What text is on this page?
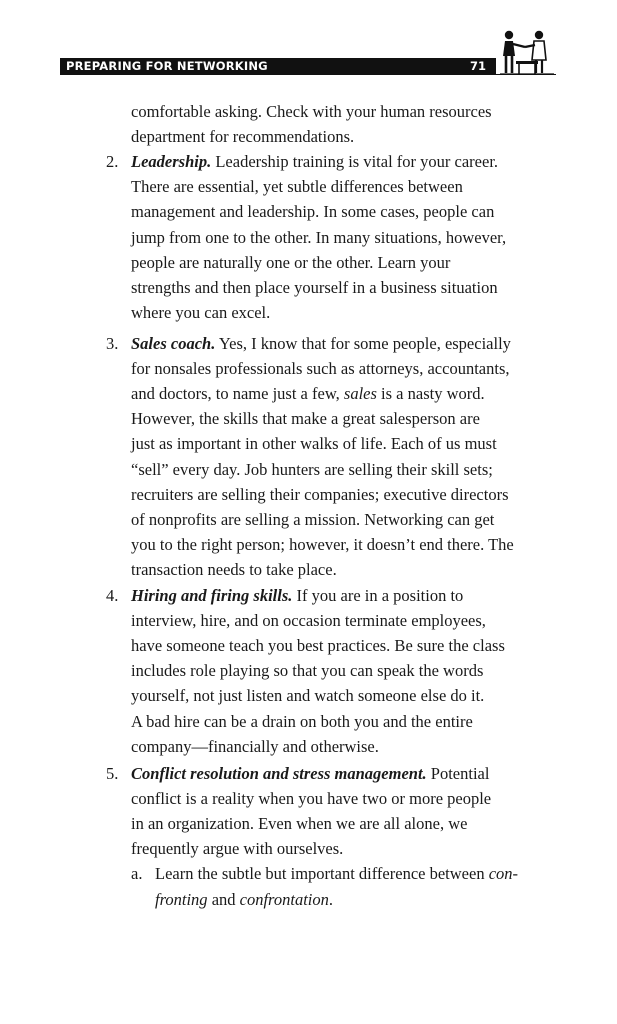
PREPARING FOR NETWORKING	71
comfortable asking. Check with your human resources
department for recommendations.
2. Leadership. Leadership training is vital for your career.
There are essential, yet subtle differences between
management and leadership. In some cases, people can
jump from one to the other. In many situations, however,
people are naturally one or the other. Learn your
strengths and then place yourself in a business situation
where you can excel.
3. Sales coach. Yes, I know that for some people, especially
for nonsales professionals such as attorneys, accountants,
and doctors, to name just a few, sales is a nasty word.
However, the skills that make a great salesperson are
just as important in other walks of life. Each of us must
“sell” every day. Job hunters are selling their skill sets;
recruiters are selling their companies; executive directors
of nonprofits are selling a mission. Networking can get
you to the right person; however, it doesn’t end there. The
transaction needs to take place.
4. Hiring and firing skills. If you are in a position to
interview, hire, and on occasion terminate employees,
have someone teach you best practices. Be sure the class
includes role playing so that you can speak the words
yourself, not just listen and watch someone else do it.
A bad hire can be a drain on both you and the entire
company—financially and otherwise.
5. Conflict resolution and stress management. Potential
conflict is a reality when you have two or more people
in an organization. Even when we are all alone, we
frequently argue with ourselves.
a. Learn the subtle but important difference between con-
fronting and confrontation.
